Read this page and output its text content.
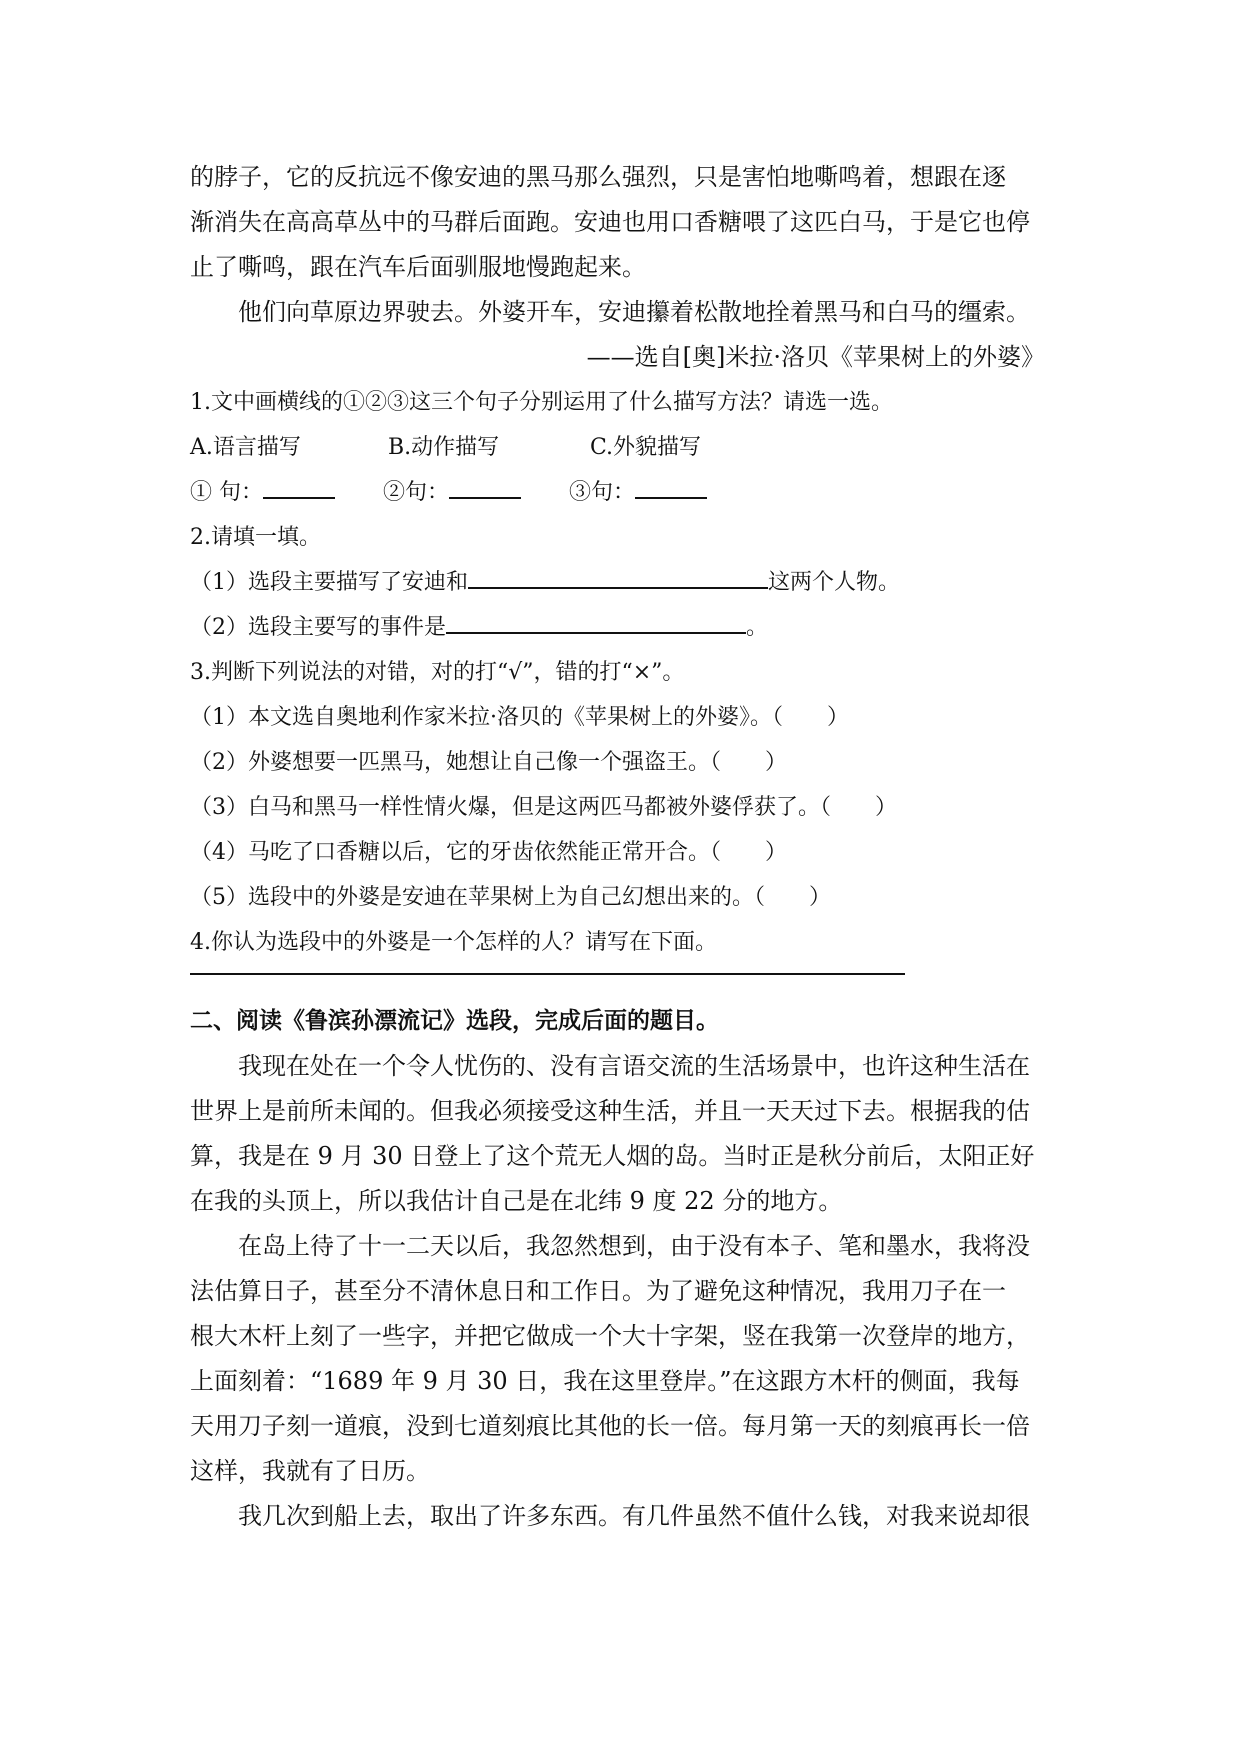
的脖子，它的反抗远不像安迪的黑马那么强烈，只是害怕地嘶鸣着，想跟在逐

渐消失在高高草丛中的马群后面跑。安迪也用口香糖喂了这匹白马，于是它也停

止了嘶鸣，跟在汽车后面驯服地慢跑起来。

他们向草原边界驶去。外婆开车，安迪攥着松散地拴着黑马和白马的缰索。

——选自[奥]米拉·洛贝《苹果树上的外婆》

1.文中画横线的①②③这三个句子分别运用了什么描写方法？请选一选。

A.语言描写	B.动作描写	C.外貌描写

① 句：	②句：	③句：

2.请填一填。

（1）选段主要描写了安迪和	这两个人物。

（2）选段主要写的事件是	。

3.判断下列说法的对错，对的打“√”，错的打“×”。

（1）本文选自奥地利作家米拉·洛贝的《苹果树上的外婆》。（　　）

（2）外婆想要一匹黑马，她想让自己像一个强盗王。（　　）

（3）白马和黑马一样性情火爆，但是这两匹马都被外婆俘获了。（　　）

（4）马吃了口香糖以后，它的牙齿依然能正常开合。（　　）

（5）选段中的外婆是安迪在苹果树上为自己幻想出来的。（　　）

4.你认为选段中的外婆是一个怎样的人？请写在下面。

二、阅读《鲁滨孙漂流记》选段，完成后面的题目。

我现在处在一个令人忧伤的、没有言语交流的生活场景中，也许这种生活在

世界上是前所未闻的。但我必须接受这种生活，并且一天天过下去。根据我的估

算，我是在 9 月 30 日登上了这个荒无人烟的岛。当时正是秋分前后，太阳正好

在我的头顶上，所以我估计自己是在北纬 9 度 22 分的地方。

在岛上待了十一二天以后，我忽然想到，由于没有本子、笔和墨水，我将没

法估算日子，甚至分不清休息日和工作日。为了避免这种情况，我用刀子在一

根大木杆上刻了一些字，并把它做成一个大十字架，竖在我第一次登岸的地方，

上面刻着：“1689 年 9 月 30 日，我在这里登岸。”在这跟方木杆的侧面，我每

天用刀子刻一道痕，没到七道刻痕比其他的长一倍。每月第一天的刻痕再长一倍

这样，我就有了日历。

我几次到船上去，取出了许多东西。有几件虽然不值什么钱，对我来说却很
